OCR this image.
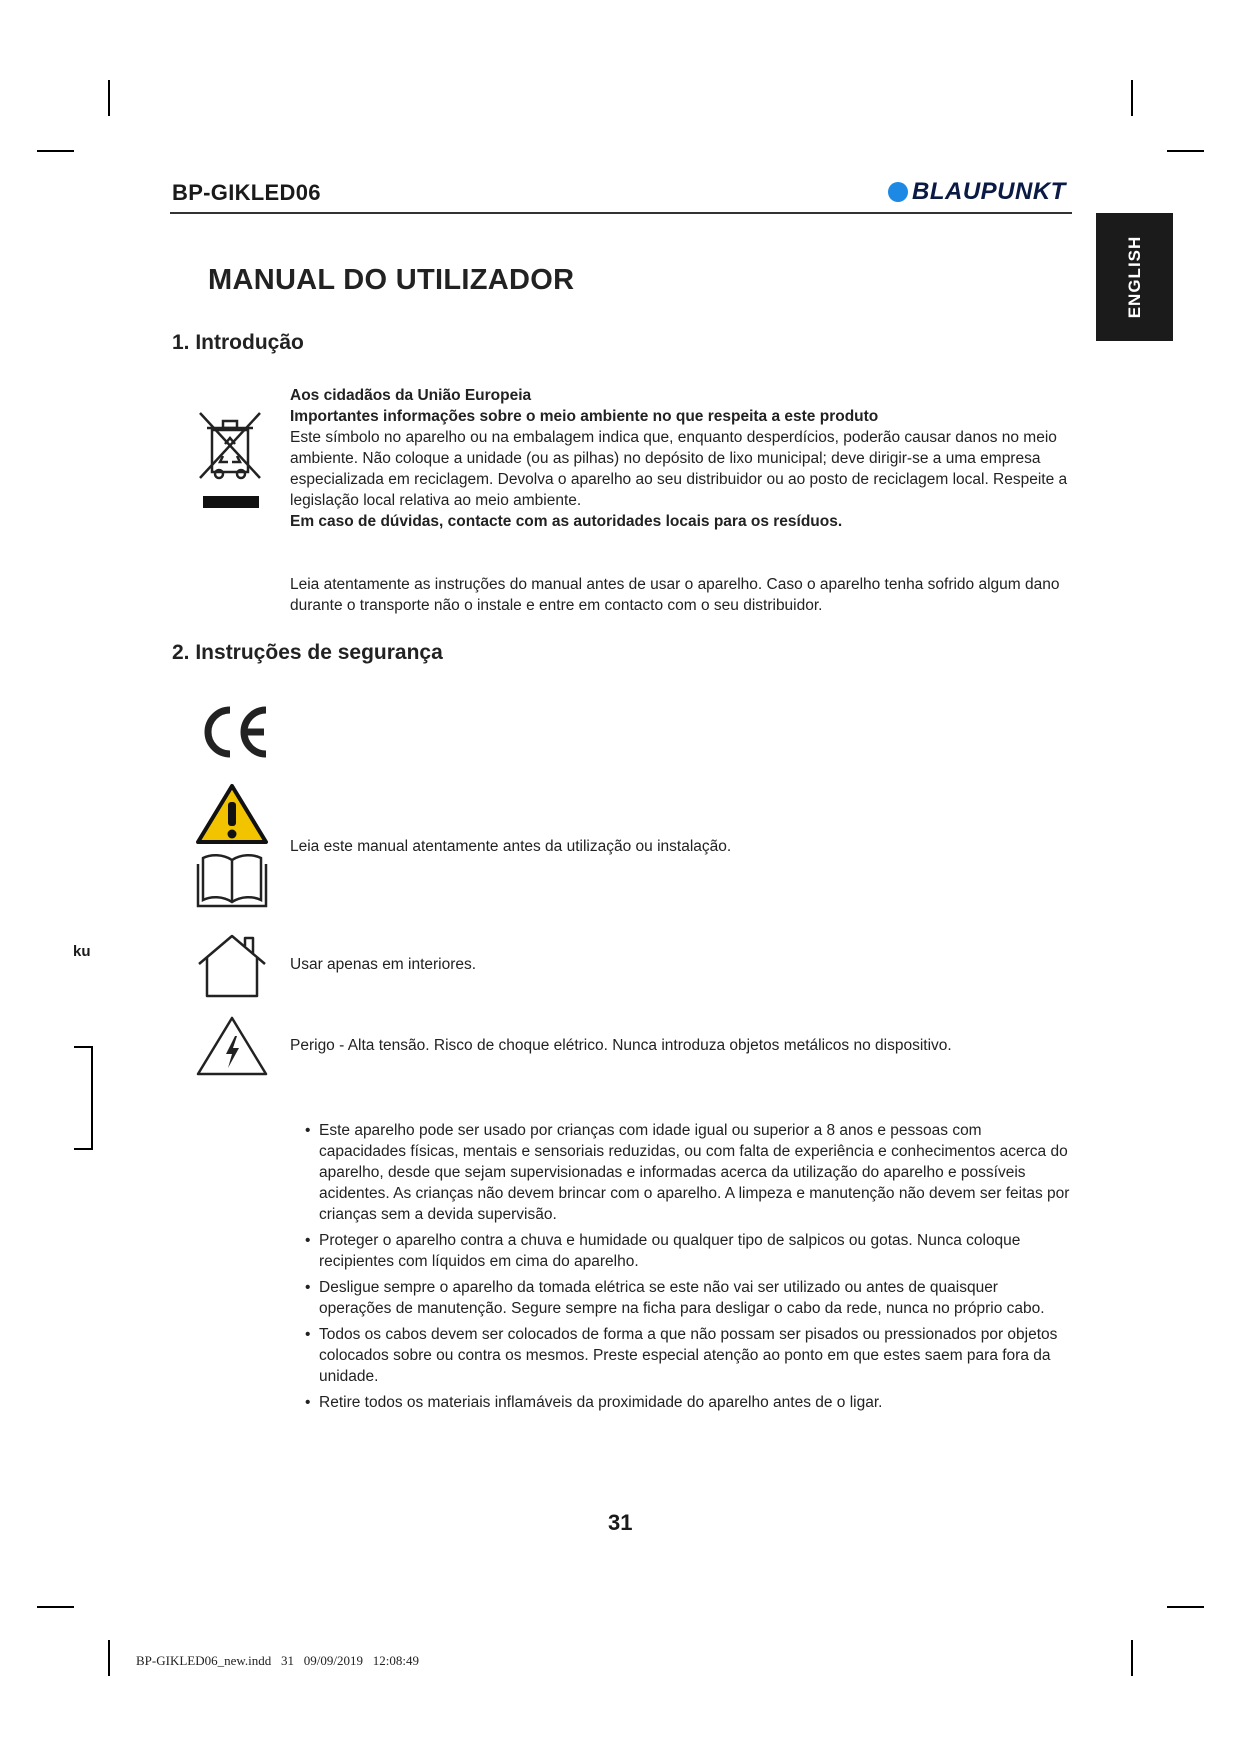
ku
BP-GIKLED06	BLAUPUNKT
ENGLISH
MANUAL DO UTILIZADOR
1. Introdução
Aos cidadãos da União Europeia
Importantes informações sobre o meio ambiente no que respeita a este produto
Este símbolo no aparelho ou na embalagem indica que, enquanto desperdícios, poderão causar danos no meio ambiente. Não coloque a unidade (ou as pilhas) no depósito de lixo municipal; deve dirigir-se a uma empresa especializada em reciclagem. Devolva o aparelho ao seu distribuidor ou ao posto de reciclagem local. Respeite a legislação local relativa ao meio ambiente.
Em caso de dúvidas, contacte com as autoridades locais para os resíduos.
Leia atentamente as instruções do manual antes de usar o aparelho. Caso o aparelho tenha sofrido algum dano durante o transporte não o instale e entre em contacto com o seu distribuidor.
2. Instruções de segurança
Leia este manual atentamente antes da utilização ou instalação.
Usar apenas em interiores.
Perigo - Alta tensão. Risco de choque elétrico. Nunca introduza objetos metálicos no dispositivo.
• Este aparelho pode ser usado por crianças com idade igual ou superior a 8 anos e pessoas com capacidades físicas, mentais e sensoriais reduzidas, ou com falta de experiência e conhecimentos acerca do aparelho, desde que sejam supervisionadas e informadas acerca da utilização do aparelho e possíveis acidentes. As crianças não devem brincar com o aparelho. A limpeza e manutenção não devem ser feitas por crianças sem a devida supervisão.
• Proteger o aparelho contra a chuva e humidade ou qualquer tipo de salpicos ou gotas. Nunca coloque recipientes com líquidos em cima do aparelho.
• Desligue sempre o aparelho da tomada elétrica se este não vai ser utilizado ou antes de quaisquer operações de manutenção. Segure sempre na ficha para desligar o cabo da rede, nunca no próprio cabo.
• Todos os cabos devem ser colocados de forma a que não possam ser pisados ou pressionados por objetos colocados sobre ou contra os mesmos. Preste especial atenção ao ponto em que estes saem para fora da unidade.
• Retire todos os materiais inflamáveis da proximidade do aparelho antes de o ligar.
31
BP-GIKLED06_new.indd   31   09/09/2019   12:08:49
